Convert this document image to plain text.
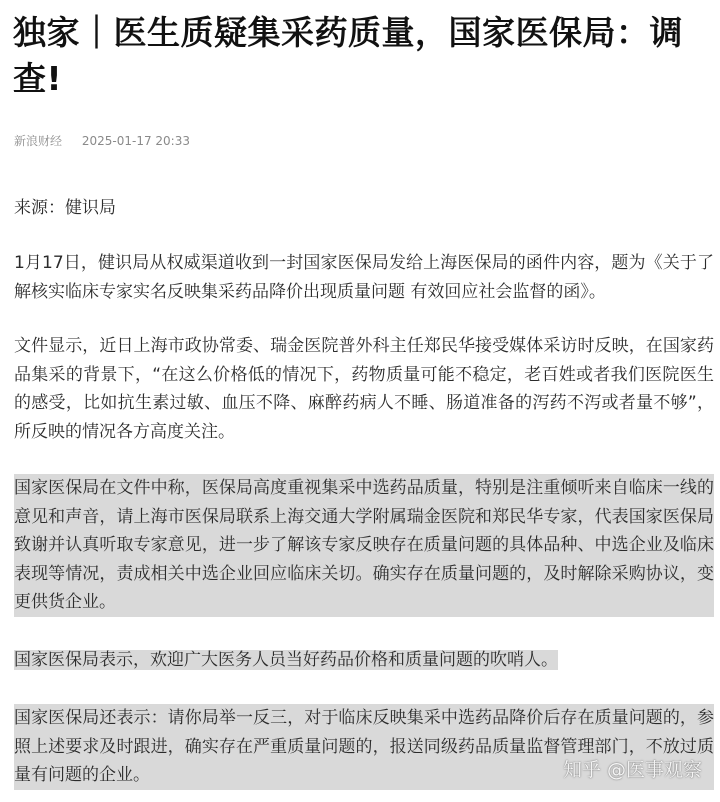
独家｜医生质疑集采药质量，国家医保局：调查!
新浪财经 2025-01-17 20:33

来源：健识局

1月17日，健识局从权威渠道收到一封国家医保局发给上海医保局的函件内容，题为《关于了解核实临床专家实名反映集采药品降价出现质量问题 有效回应社会监督的函》。

文件显示，近日上海市政协常委、瑞金医院普外科主任郑民华接受媒体采访时反映，在国家药品集采的背景下，“在这么价格低的情况下，药物质量可能不稳定，老百姓或者我们医院医生的感受，比如抗生素过敏、血压不降、麻醉药病人不睡、肠道准备的泻药不泻或者量不够”，所反映的情况各方高度关注。

国家医保局在文件中称，医保局高度重视集采中选药品质量，特别是注重倾听来自临床一线的意见和声音，请上海市医保局联系上海交通大学附属瑞金医院和郑民华专家，代表国家医保局致谢并认真听取专家意见，进一步了解该专家反映存在质量问题的具体品种、中选企业及临床表现等情况，责成相关中选企业回应临床关切。确实存在质量问题的，及时解除采购协议，变更供货企业。

国家医保局表示，欢迎广大医务人员当好药品价格和质量问题的吹哨人。

国家医保局还表示：请你局举一反三，对于临床反映集采中选药品降价后存在质量问题的，参照上述要求及时跟进，确实存在严重质量问题的，报送同级药品质量监督管理部门，不放过质量有问题的企业。	知乎 @医事观察
